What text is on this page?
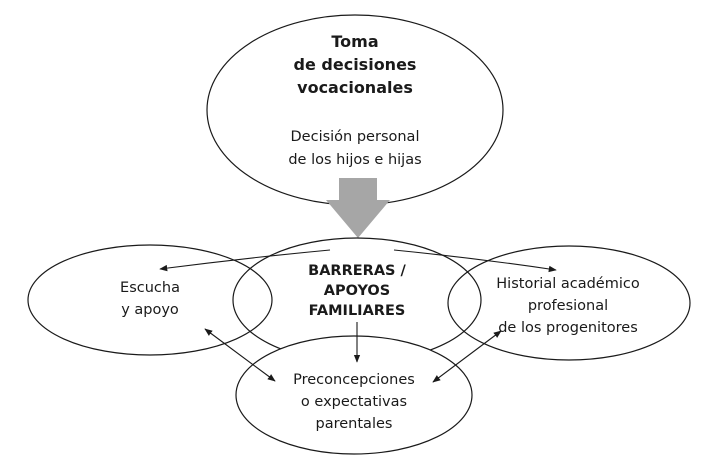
Toma
de decisiones
vocacionales
Decisión personal
de los hijos e hijas
BARRERAS /
APOYOS
FAMILIARES
Escucha
y apoyo
Historial académico
profesional
de los progenitores
Preconcepciones
o expectativas
parentales
